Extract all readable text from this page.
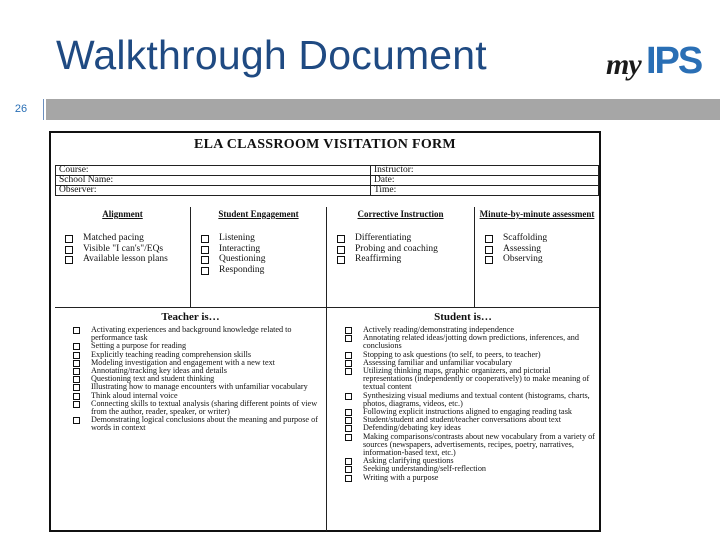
Walkthrough Document	my IPS
26
ELA CLASSROOM VISITATION FORM
Course:	Instructor:
School Name:	Date:
Observer:	Time:
Alignment
Matched pacing
Visible "I can's"/EQs
Available lesson plans
Student Engagement
Listening
Interacting
Questioning
Responding
Corrective Instruction
Differentiating
Probing and coaching
Reaffirming
Minute-by-minute assessment
Scaffolding
Assessing
Observing
Teacher is…
Activating experiences and background knowledge related to performance task
Setting a purpose for reading
Explicitly teaching reading comprehension skills
Modeling investigation and engagement with a new text
Annotating/tracking key ideas and details
Questioning text and student thinking
Illustrating how to manage encounters with unfamiliar vocabulary
Think aloud internal voice
Connecting skills to textual analysis (sharing different points of view from the author, reader, speaker, or writer)
Demonstrating logical conclusions about the meaning and purpose of words in context
Student is…
Actively reading/demonstrating independence
Annotating related ideas/jotting down predictions, inferences, and conclusions
Stopping to ask questions (to self, to peers, to teacher)
Assessing familiar and unfamiliar vocabulary
Utilizing thinking maps, graphic organizers, and pictorial representations (independently or cooperatively) to make meaning of textual content
Synthesizing visual mediums and textual content (histograms, charts, photos, diagrams, videos, etc.)
Following explicit instructions aligned to engaging reading task
Student/student and student/teacher conversations about text
Defending/debating key ideas
Making comparisons/contrasts about new vocabulary from a variety of sources (newspapers, advertisements, recipes, poetry, narratives, information-based text, etc.)
Asking clarifying questions
Seeking understanding/self-reflection
Writing with a purpose
